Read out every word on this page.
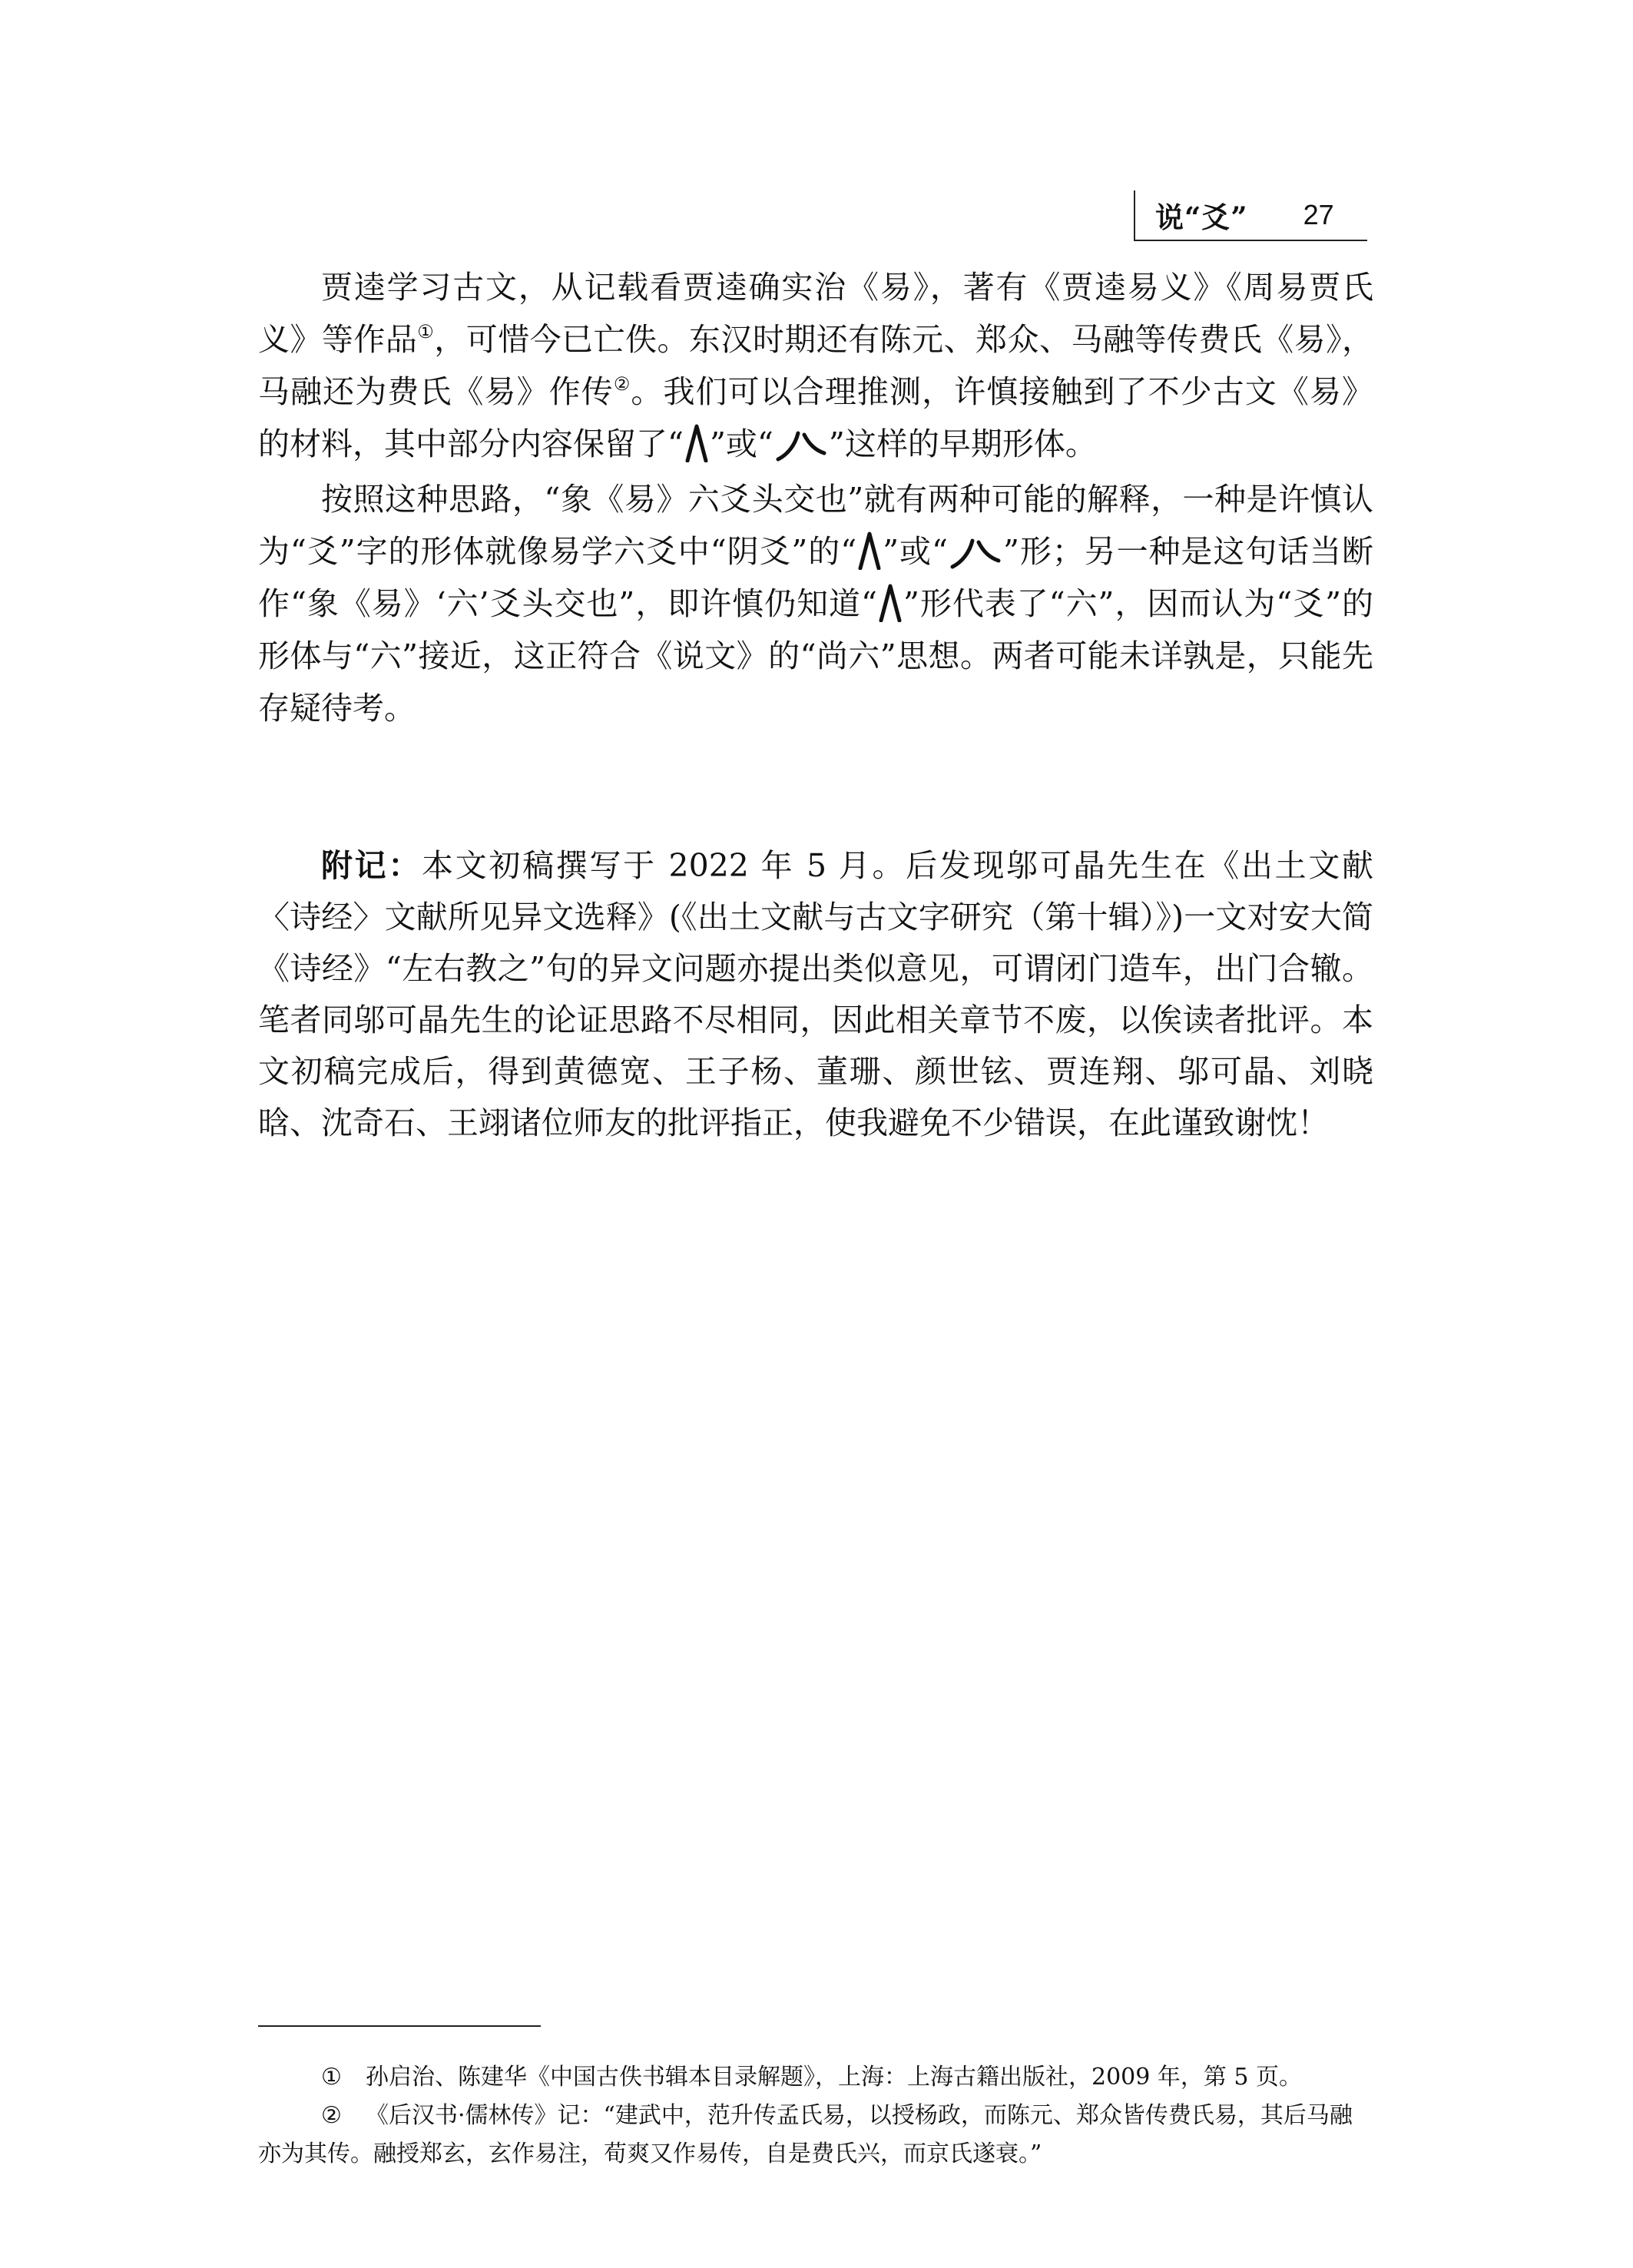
说“爻” 27

贾逵学习古文，从记载看贾逵确实治《易》，著有《贾逵易义》《周易贾氏义》等作品①，可惜今已亡佚。东汉时期还有陈元、郑众、马融等传费氏《易》，马融还为费氏《易》作传②。我们可以合理推测，许慎接触到了不少古文《易》的材料，其中部分内容保留了“ ”或“ ”这样的早期形体。

按照这种思路，“象《易》六爻头交也”就有两种可能的解释，一种是许慎认为“爻”字的形体就像易学六爻中“阴爻”的“ ”或“ ”形；另一种是这句话当断作“象《易》‘六’爻头交也”，即许慎仍知道“ ”形代表了“六”，因而认为“爻”的形体与“六”接近，这正符合《说文》的“尚六”思想。两者可能未详孰是，只能先存疑待考。

附记：本文初稿撰写于 2022 年 5 月。后发现邬可晶先生在《出土文献〈诗经〉文献所见异文选释》(《出土文献与古文字研究（第十辑）》)一文对安大简《诗经》“左右教之”句的异文问题亦提出类似意见，可谓闭门造车，出门合辙。笔者同邬可晶先生的论证思路不尽相同，因此相关章节不废，以俟读者批评。本文初稿完成后，得到黄德宽、王子杨、董珊、颜世铉、贾连翔、邬可晶、刘晓晗、沈奇石、王翊诸位师友的批评指正，使我避免不少错误，在此谨致谢忱！

① 孙启治、陈建华《中国古佚书辑本目录解题》，上海：上海古籍出版社，2009 年，第 5 页。

② 《后汉书·儒林传》记：“建武中，范升传孟氏易，以授杨政，而陈元、郑众皆传费氏易，其后马融亦为其传。融授郑玄，玄作易注，荀爽又作易传，自是费氏兴，而京氏遂衰。”
